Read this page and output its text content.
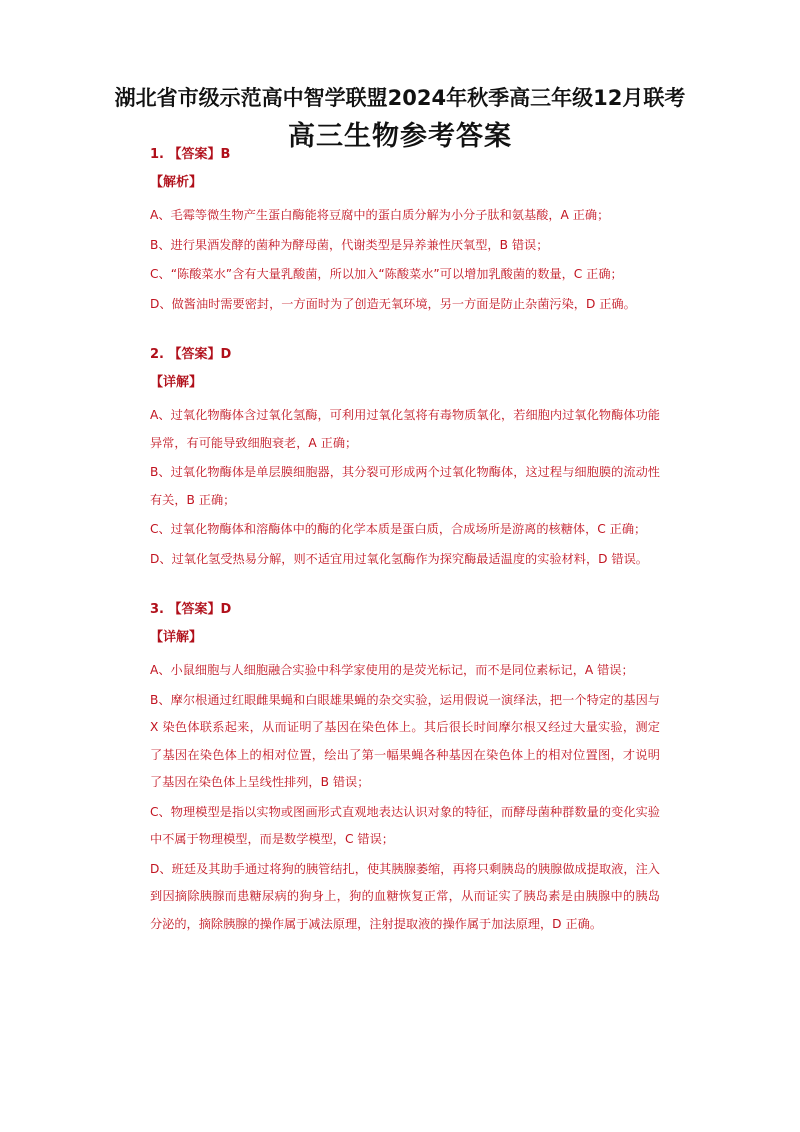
湖北省市级示范高中智学联盟2024年秋季高三年级12月联考
高三生物参考答案
1. 【答案】B
【解析】

A、毛霉等微生物产生蛋白酶能将豆腐中的蛋白质分解为小分子肽和氨基酸，A 正确；

B、进行果酒发酵的菌种为酵母菌，代谢类型是异养兼性厌氧型，B 错误；

C、“陈酸菜水”含有大量乳酸菌，所以加入“陈酸菜水”可以增加乳酸菌的数量，C 正确；

D、做酱油时需要密封，一方面时为了创造无氧环境，另一方面是防止杂菌污染，D 正确。

2. 【答案】D
【详解】

A、过氧化物酶体含过氧化氢酶，可利用过氧化氢将有毒物质氧化，若细胞内过氧化物酶体功能异常，有可能导致细胞衰老，A 正确；

B、过氧化物酶体是单层膜细胞器，其分裂可形成两个过氧化物酶体，这过程与细胞膜的流动性有关，B 正确；

C、过氧化物酶体和溶酶体中的酶的化学本质是蛋白质，合成场所是游离的核糖体，C 正确；

D、过氧化氢受热易分解，则不适宜用过氧化氢酶作为探究酶最适温度的实验材料，D 错误。

3. 【答案】D
【详解】

A、小鼠细胞与人细胞融合实验中科学家使用的是荧光标记，而不是同位素标记，A 错误；

B、摩尔根通过红眼雌果蝇和白眼雄果蝇的杂交实验，运用假说一演绎法，把一个特定的基因与 X 染色体联系起来，从而证明了基因在染色体上。其后很长时间摩尔根又经过大量实验，测定了基因在染色体上的相对位置，绘出了第一幅果蝇各种基因在染色体上的相对位置图，才说明了基因在染色体上呈线性排列，B 错误；

C、物理模型是指以实物或图画形式直观地表达认识对象的特征，而酵母菌种群数量的变化实验中不属于物理模型，而是数学模型，C 错误；

D、班廷及其助手通过将狗的胰管结扎，使其胰腺萎缩，再将只剩胰岛的胰腺做成提取液，注入到因摘除胰腺而患糖尿病的狗身上，狗的血糖恢复正常，从而证实了胰岛素是由胰腺中的胰岛分泌的，摘除胰腺的操作属于减法原理，注射提取液的操作属于加法原理，D 正确。
